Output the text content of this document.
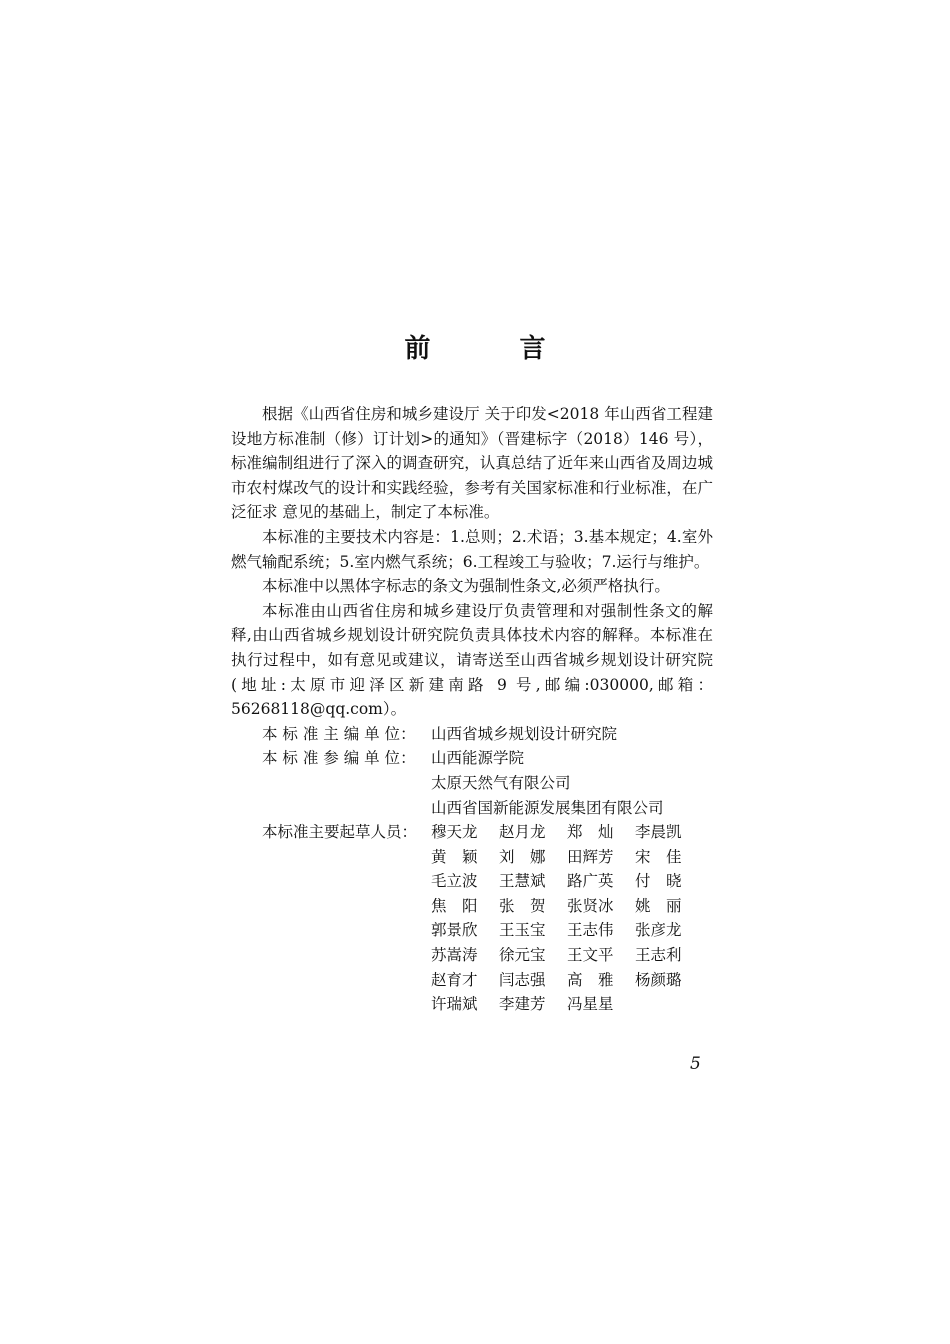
前 言

根据《山西省住房和城乡建设厅 关于印发<2018 年山西省工程建设地方标准制（修）订计划>的通知》（晋建标字（2018）146 号），标准编制组进行了深入的调查研究，认真总结了近年来山西省及周边城市农村煤改气的设计和实践经验，参考有关国家标准和行业标准，在广泛征求 意见的基础上，制定了本标准。

本标准的主要技术内容是：1.总则；2.术语；3.基本规定；4.室外燃气输配系统；5.室内燃气系统；6.工程竣工与验收；7.运行与维护。

本标准中以黑体字标志的条文为强制性条文,必须严格执行。

本标准由山西省住房和城乡建设厅负责管理和对强制性条文的解释,由山西省城乡规划设计研究院负责具体技术内容的解释。本标准在执行过程中，如有意见或建议，请寄送至山西省城乡规划设计研究院(地址:太原市迎泽区新建南路 9 号,邮编:030000,邮箱：56268118@qq.com）。

本 标 准 主 编 单 位： 山西省城乡规划设计研究院
本 标 准 参 编 单 位： 山西能源学院
太原天然气有限公司
山西省国新能源发展集团有限公司
本标准主要起草人员： 穆天龙	赵月龙	郑　灿	李晨凯
黄　颖	刘　娜	田辉芳	宋　佳
毛立波	王慧斌	路广英	付　晓
焦　阳	张　贺	张贤冰	姚　丽
郭景欣	王玉宝	王志伟	张彦龙
苏嵩涛	徐元宝	王文平	王志利
赵育才	闫志强	高　雅	杨颜璐
许瑞斌	李建芳	冯星星
5
